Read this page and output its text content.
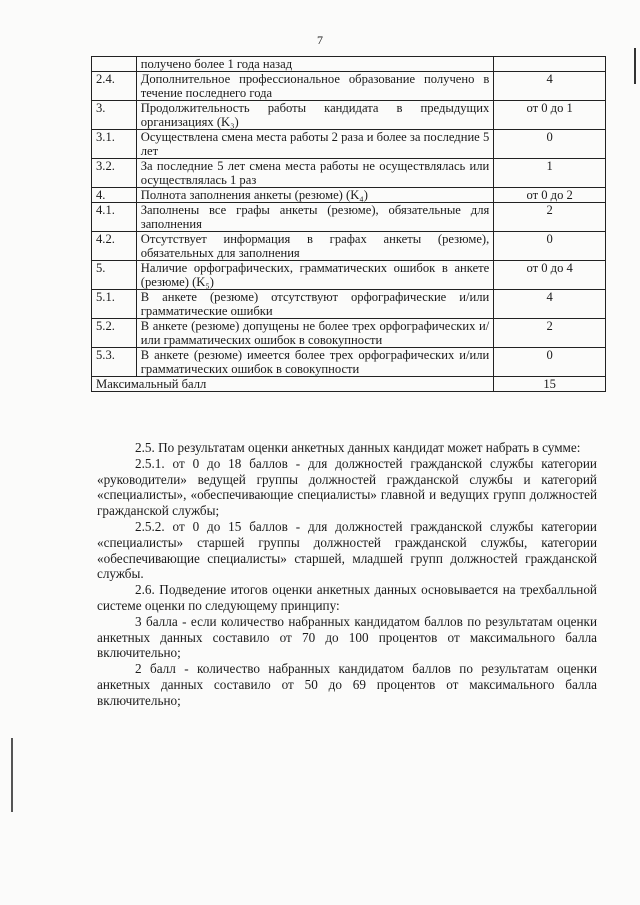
7
	получено более 1 года назад	
2.4.	Дополнительное профессиональное образование получено в течение последнего года	4
3.	Продолжительность работы кандидата в предыдущих организациях (K₃)	от 0 до 1
3.1.	Осуществлена смена места работы 2 раза и более за последние 5 лет	0
3.2.	За последние 5 лет смена места работы не осуществлялась или осуществлялась 1 раз	1
4.	Полнота заполнения анкеты (резюме) (K₄)	от 0 до 2
4.1.	Заполнены все графы анкеты (резюме), обязательные для заполнения	2
4.2.	Отсутствует информация в графах анкеты (резюме), обязательных для заполнения	0
5.	Наличие орфографических, грамматических ошибок в анкете (резюме) (K₅)	от 0 до 4
5.1.	В анкете (резюме) отсутствуют орфографические и/или грамматические ошибки	4
5.2.	В анкете (резюме) допущены не более трех орфографических и/или грамматических ошибок в совокупности	2
5.3.	В анкете (резюме) имеется более трех орфографических и/или грамматических ошибок в совокупности	0
Максимальный балл		15

2.5. По результатам оценки анкетных данных кандидат может набрать в сумме:

2.5.1. от 0 до 18 баллов - для должностей гражданской службы категории «руководители» ведущей группы должностей гражданской службы и категорий «специалисты», «обеспечивающие специалисты» главной и ведущих групп должностей гражданской службы;

2.5.2. от 0 до 15 баллов - для должностей гражданской службы категории «специалисты» старшей группы должностей гражданской службы, категории «обеспечивающие специалисты» старшей, младшей групп должностей гражданской службы.

2.6. Подведение итогов оценки анкетных данных основывается на трехбалльной системе оценки по следующему принципу:

3 балла - если количество набранных кандидатом баллов по результатам оценки анкетных данных составило от 70 до 100 процентов от максимального балла включительно;

2 балл - количество набранных кандидатом баллов по результатам оценки анкетных данных составило от 50 до 69 процентов от максимального балла включительно;
